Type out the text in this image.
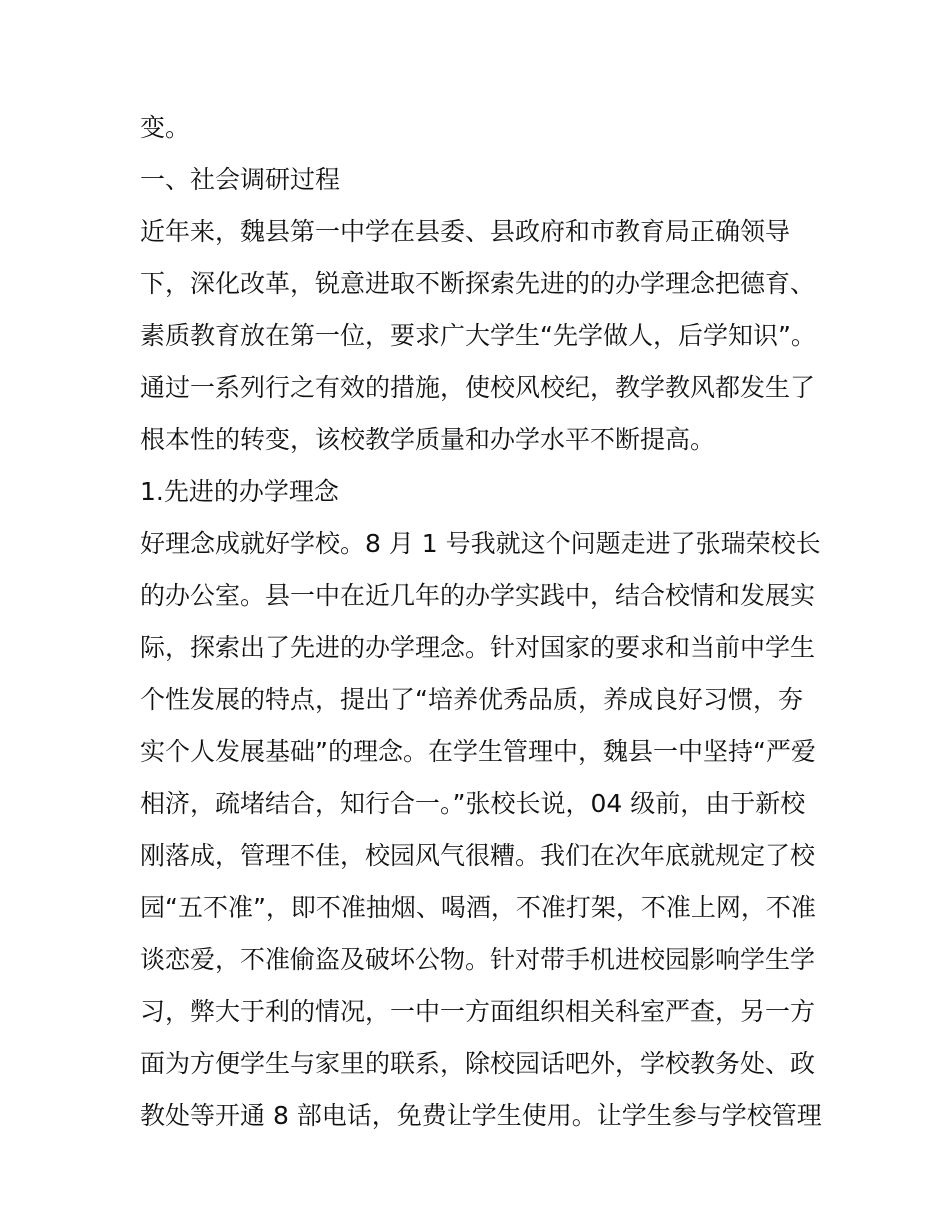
变。
一、社会调研过程
近年来，魏县第一中学在县委、县政府和市教育局正确领导
下，深化改革，锐意进取不断探索先进的的办学理念把德育、
素质教育放在第一位，要求广大学生“先学做人，后学知识”。
通过一系列行之有效的措施，使校风校纪，教学教风都发生了
根本性的转变，该校教学质量和办学水平不断提高。
1.先进的办学理念
好理念成就好学校。8 月 1 号我就这个问题走进了张瑞荣校长
的办公室。县一中在近几年的办学实践中，结合校情和发展实
际，探索出了先进的办学理念。针对国家的要求和当前中学生
个性发展的特点，提出了“培养优秀品质，养成良好习惯，夯
实个人发展基础”的理念。在学生管理中，魏县一中坚持“严爱
相济，疏堵结合，知行合一。”张校长说，04 级前，由于新校
刚落成，管理不佳，校园风气很糟。我们在次年底就规定了校
园“五不准”，即不准抽烟、喝酒，不准打架，不准上网，不准
谈恋爱，不准偷盗及破坏公物。针对带手机进校园影响学生学
习，弊大于利的情况，一中一方面组织相关科室严查，另一方
面为方便学生与家里的联系，除校园话吧外，学校教务处、政
教处等开通 8 部电话，免费让学生使用。让学生参与学校管理
